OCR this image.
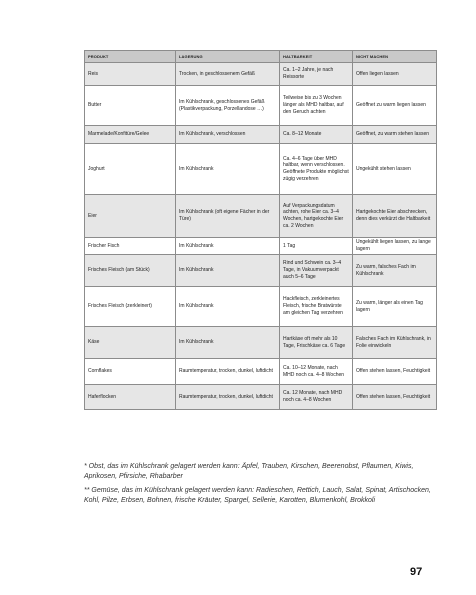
PRODUKT	LAGERUNG	HALTBARKEIT	NICHT MACHEN
Reis	Trocken, in geschlossenem Gefäß	Ca. 1–2 Jahre, je nach Reissorte	Offen liegen lassen
Butter	Im Kühlschrank, geschlossenes Gefäß (Plastikverpackung, Porzellandose …)	Teilweise bis zu 3 Wochen länger als MHD haltbar, auf den Geruch achten	Geöffnet zu warm liegen lassen
Marmelade/Konfitüre/Gelee	Im Kühlschrank, verschlossen	Ca. 8–12 Monate	Geöffnet, zu warm stehen lassen
Joghurt	Im Kühlschrank	Ca. 4–6 Tage über MHD haltbar, wenn verschlossen. Geöffnete Produkte möglichst zügig verzehren	Ungekühlt stehen lassen
Eier	Im Kühlschrank (oft eigene Fächer in der Türe)	Auf Verpackungsdatum achten, rohe Eier ca. 3–4 Wochen, hartgekochte Eier ca. 2 Wochen	Hartgekochte Eier abschrecken, denn dies verkürzt die Haltbarkeit
Frischer Fisch	Im Kühlschrank	1 Tag	Ungekühlt liegen lassen, zu lange lagern
Frisches Fleisch (am Stück)	Im Kühlschrank	Rind und Schwein ca. 3–4 Tage, in Vakuumverpackt auch 5–6 Tage	Zu warm, falsches Fach im Kühlschrank
Frisches Fleisch (zerkleinert)	Im Kühlschrank	Hackfleisch, zerkleinertes Fleisch, frische Bratwürste am gleichen Tag verzehren	Zu warm, länger als einen Tag lagern
Käse	Im Kühlschrank	Hartkäse oft mehr als 10 Tage, Frischkäse ca. 6 Tage	Falsches Fach im Kühlschrank, in Folie einwickeln
Cornflakes	Raumtemperatur, trocken, dunkel, luftdicht	Ca. 10–12 Monate, nach MHD noch ca. 4–8 Wochen	Offen stehen lassen, Feuchtigkeit
Haferflocken	Raumtemperatur, trocken, dunkel, luftdicht	Ca. 12 Monate, nach MHD noch ca. 4–8 Wochen	Offen stehen lassen, Feuchtigkeit

* Obst, das im Kühlschrank gelagert werden kann: Äpfel, Trauben, Kirschen, Beerenobst, Pflaumen, Kiwis, Aprikosen, Pfirsiche, Rhabarber

** Gemüse, das im Kühlschrank gelagert werden kann: Radieschen, Rettich, Lauch, Salat, Spinat, Artischocken, Kohl, Pilze, Erbsen, Bohnen, frische Kräuter, Spargel, Sellerie, Karotten, Blumenkohl, Brokkoli

97
